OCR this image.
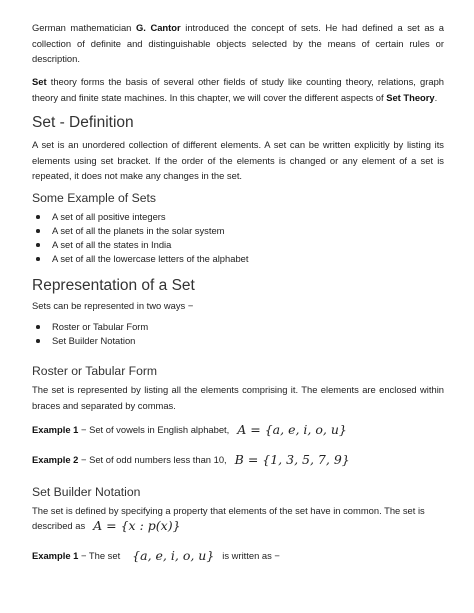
German mathematician G. Cantor introduced the concept of sets. He had defined a set as a collection of definite and distinguishable objects selected by the means of certain rules or description.

Set theory forms the basis of several other fields of study like counting theory, relations, graph theory and finite state machines. In this chapter, we will cover the different aspects of Set Theory.

Set - Definition

A set is an unordered collection of different elements. A set can be written explicitly by listing its elements using set bracket. If the order of the elements is changed or any element of a set is repeated, it does not make any changes in the set.

Some Example of Sets
A set of all positive integers
A set of all the planets in the solar system
A set of all the states in India
A set of all the lowercase letters of the alphabet
Representation of a Set

Sets can be represented in two ways −

Roster or Tabular Form
Set Builder Notation
Roster or Tabular Form

The set is represented by listing all the elements comprising it. The elements are enclosed within braces and separated by commas.

Example 1 − Set of vowels in English alphabet, A = {a, e, i, o, u}
Example 2 − Set of odd numbers less than 10, B = {1, 3, 5, 7, 9}
Set Builder Notation

The set is defined by specifying a property that elements of the set have in common. The set is

described as A = {x : p(x)}
Example 1 − The set {a, e, i, o, u} is written as −
